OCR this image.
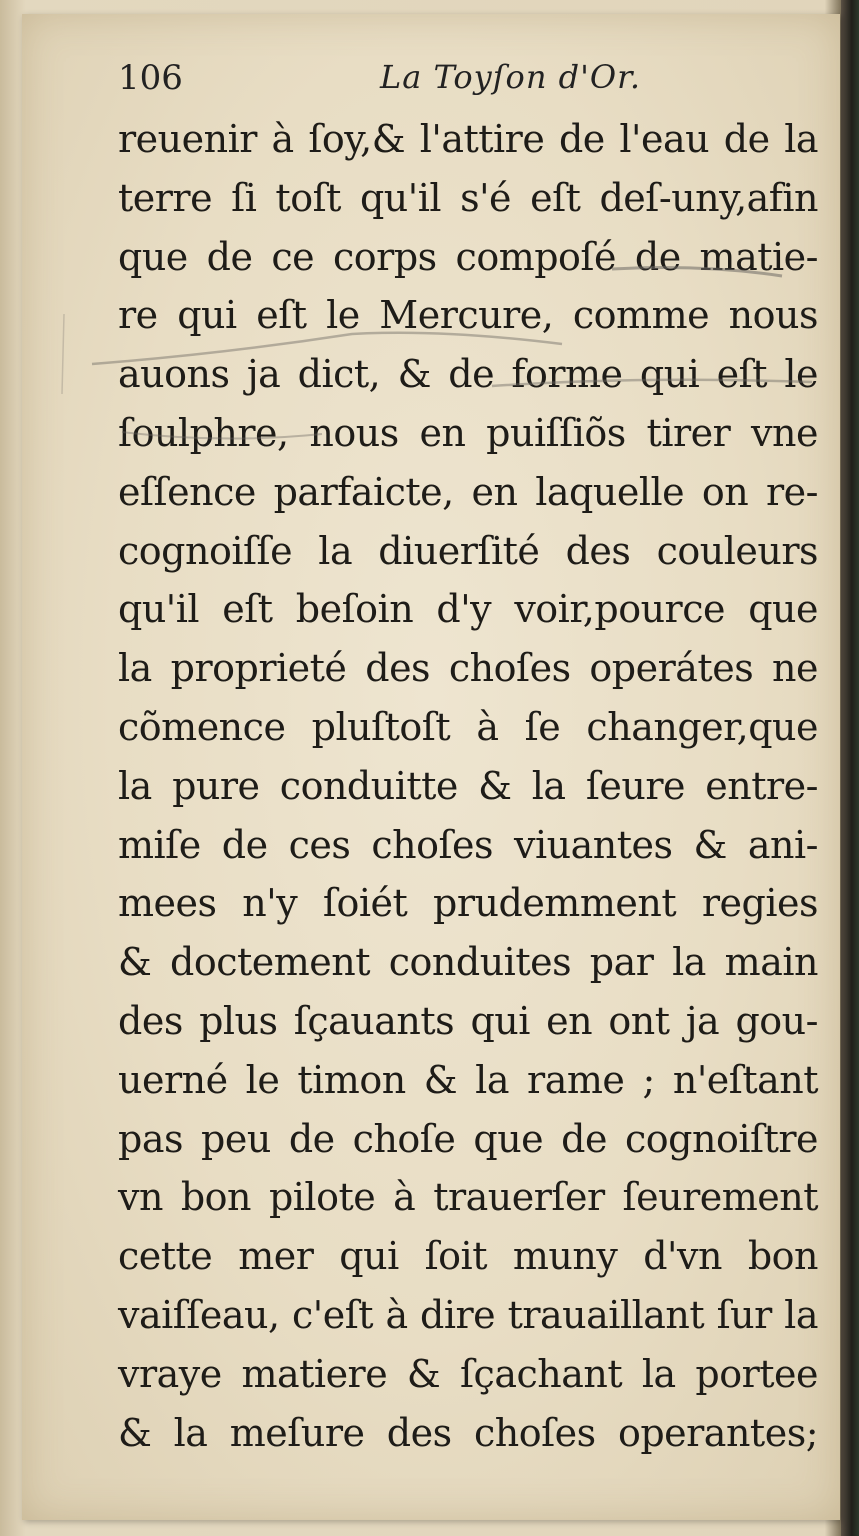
106	La Toyſon d'Or.
reuenir à ſoy,& l'attire de l'eau de la
terre ſi toſt qu'il s'é eſt deſ-uny,afin
que de ce corps compoſé de matie-
re qui eſt le Mercure, comme nous
auons ja dict, & de forme qui eſt le
ſoulphre, nous en puiſſiõs tirer vne
eſſence parfaicte, en laquelle on re-
cognoiſſe la diuerſité des couleurs
qu'il eſt beſoin d'y voir,pource que
la proprieté des choſes operátes ne
cõmence pluſtoſt à ſe changer,que
la pure conduitte & la ſeure entre-
miſe de ces choſes viuantes & ani-
mees n'y ſoiét prudemment regies
& doctement conduites par la main
des plus ſçauants qui en ont ja gou-
uerné le timon & la rame ; n'eſtant
pas peu de choſe que de cognoiſtre
vn bon pilote à trauerſer ſeurement
cette mer qui ſoit muny d'vn bon
vaiſſeau, c'eſt à dire trauaillant ſur la
vraye matiere & ſçachant la portee
& la meſure des choſes operantes;
